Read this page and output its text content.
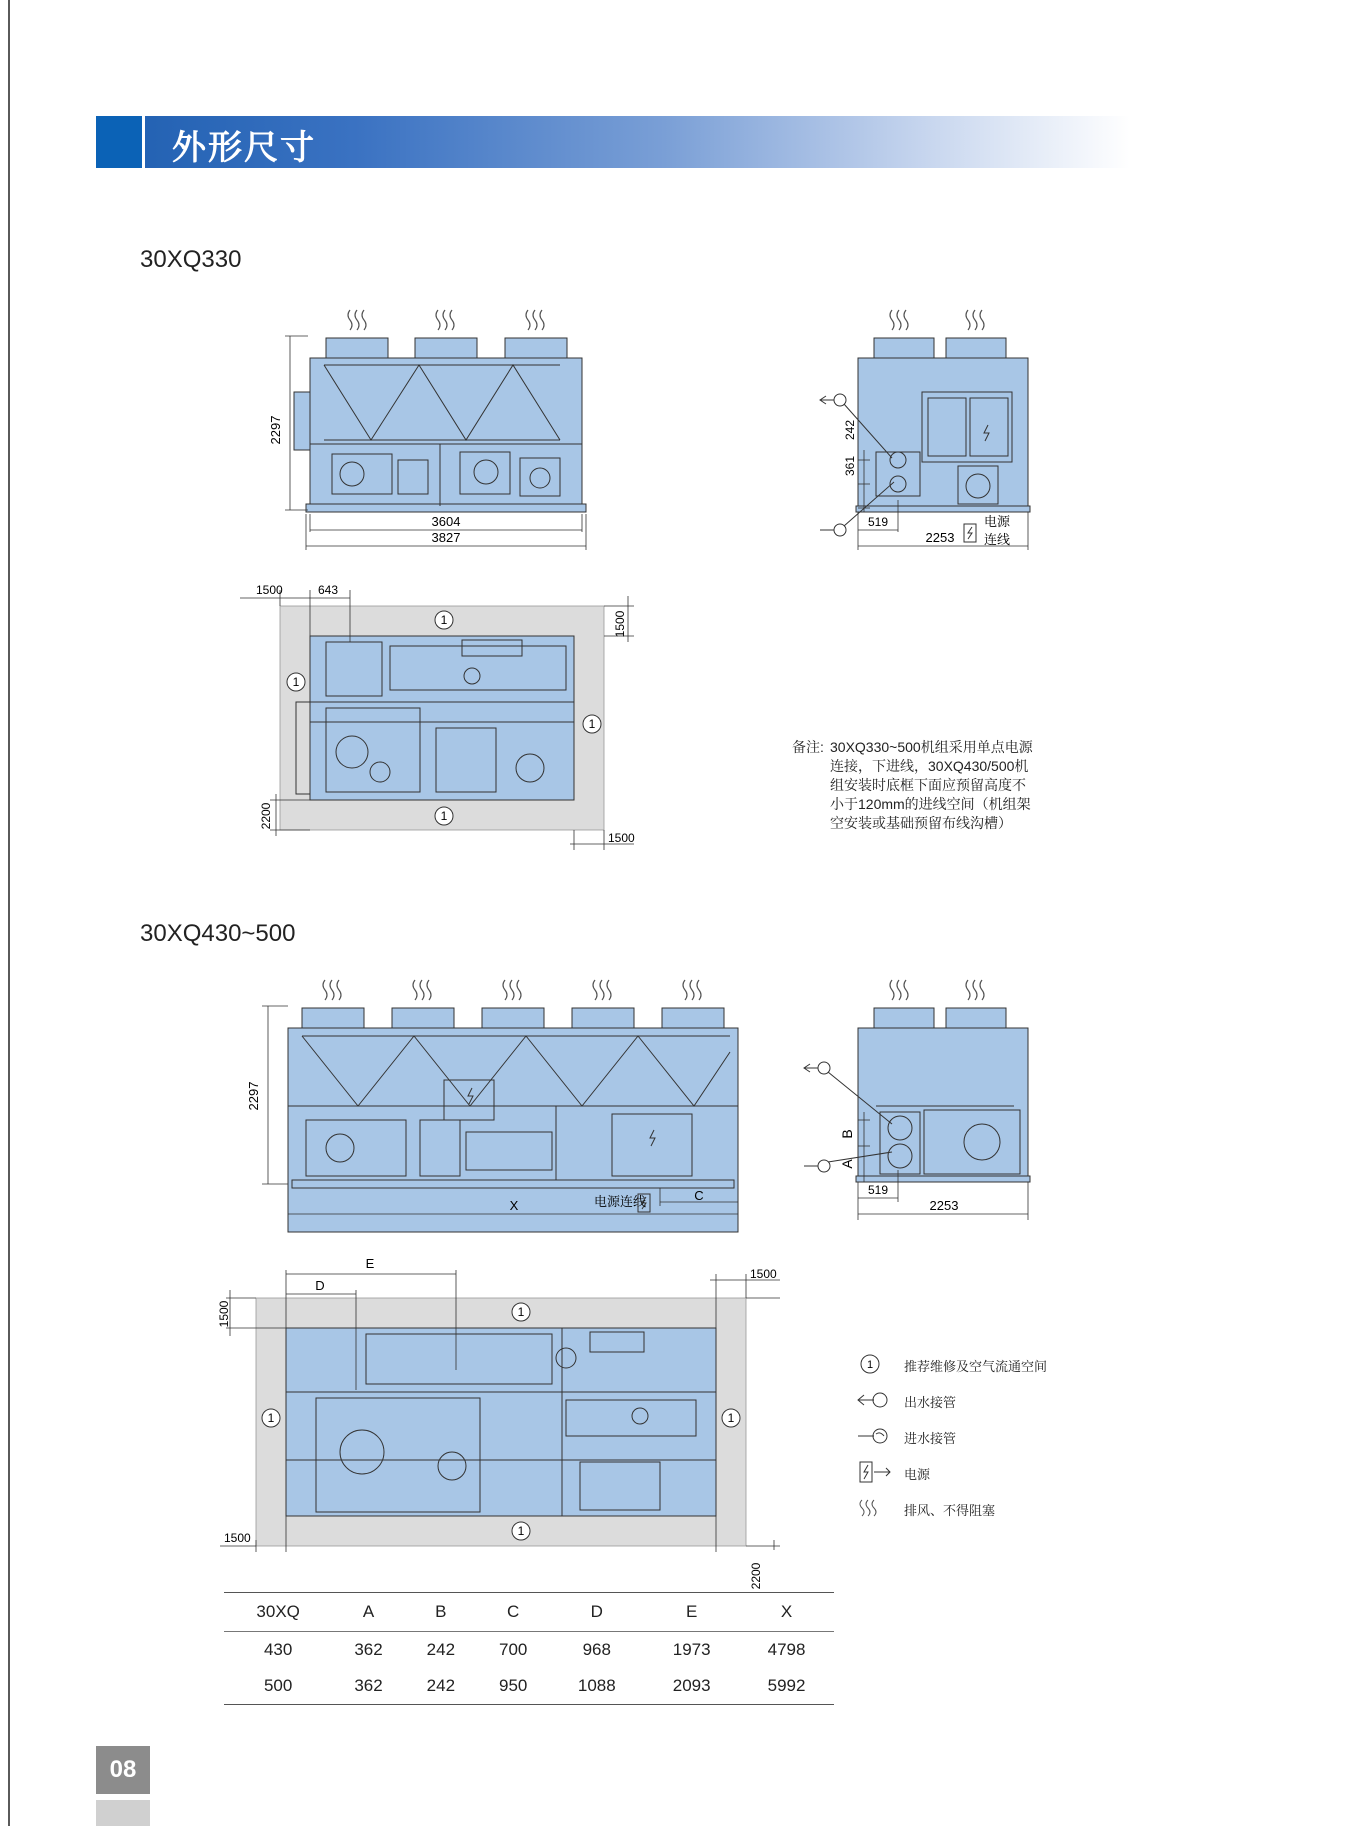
外形尺寸
30XQ330
2297
3604
3827
242
361
519
2253
电源
连线
1
1
1
1
1500	643
1500
2200
1500
备注: 30XQ330~500机组采用单点电源
连接，下进线，30XQ430/500机
组安装时底框下面应预留高度不
小于120mm的进线空间（机组架
空安装或基础预留布线沟槽）
30XQ430~500
2297
X
C
电源连线
A
B
519
2253
1
1	1
1
E
D
1500
1500
1500
2200
1 推荐维修及空气流通空间
出水接管
进水接管
电源
排风、不得阻塞
30XQ	A	B	C	D	E	X
430	362	242	700	968	1973	4798
500	362	242	950	1088	2093	5992
08
